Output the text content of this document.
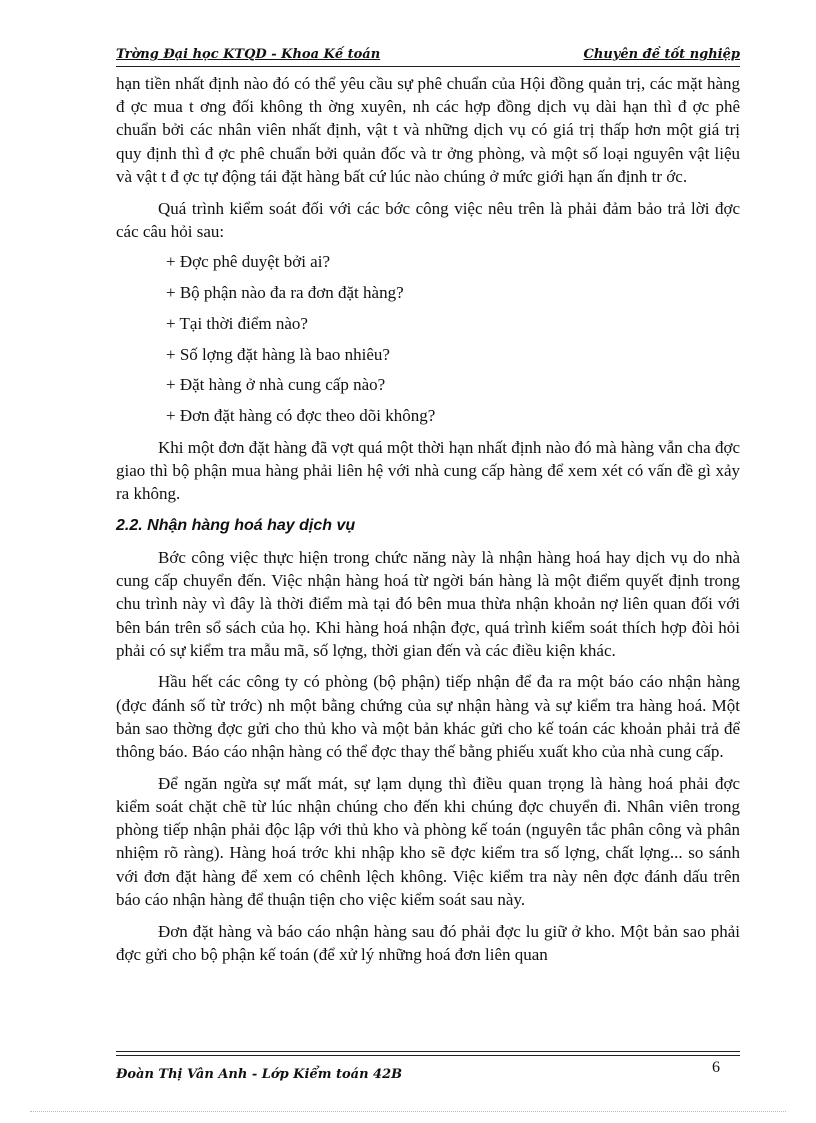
Trờng Đại học KTQD - Khoa Kế toán	Chuyên đề tốt nghiệp

hạn tiền nhất định nào đó có thể yêu cầu sự phê chuẩn của Hội đồng quản trị, các mặt hàng đ ợc mua t ơng đối không th ờng xuyên, nh các hợp đồng dịch vụ dài hạn thì đ ợc phê chuẩn bởi các nhân viên nhất định, vật t và những dịch vụ có giá trị thấp hơn một giá trị quy định thì đ ợc phê chuẩn bởi quản đốc và tr ởng phòng, và một số loại nguyên vật liệu và vật t đ ợc tự động tái đặt hàng bất cứ lúc nào chúng ở mức giới hạn ấn định tr ớc.

Quá trình kiểm soát đối với các bớc công việc nêu trên là phải đảm bảo trả lời đợc các câu hỏi sau:

+ Đợc phê duyệt bởi ai?

+ Bộ phận nào đa ra đơn đặt hàng?

+ Tại thời điểm nào?

+ Số lợng đặt hàng là bao nhiêu?

+ Đặt hàng ở nhà cung cấp nào?

+ Đơn đặt hàng có đợc theo dõi không?

Khi một đơn đặt hàng đã vợt quá một thời hạn nhất định nào đó mà hàng vẫn cha đợc giao thì bộ phận mua hàng phải liên hệ với nhà cung cấp hàng để xem xét có vấn đề gì xảy ra không.

2.2. Nhận hàng hoá hay dịch vụ

Bớc công việc thực hiện trong chức năng này là nhận hàng hoá hay dịch vụ do nhà cung cấp chuyển đến. Việc nhận hàng hoá từ ngời bán hàng là một điểm quyết định trong chu trình này vì đây là thời điểm mà tại đó bên mua thừa nhận khoản nợ liên quan đối với bên bán trên sổ sách của họ. Khi hàng hoá nhận đợc, quá trình kiểm soát thích hợp đòi hỏi phải có sự kiểm tra mẫu mã, số lợng, thời gian đến và các điều kiện khác.

Hầu hết các công ty có phòng (bộ phận) tiếp nhận để đa ra một báo cáo nhận hàng (đợc đánh số từ trớc) nh một bằng chứng của sự nhận hàng và sự kiểm tra hàng hoá. Một bản sao thờng đợc gửi cho thủ kho và một bản khác gửi cho kế toán các khoản phải trả để thông báo. Báo cáo nhận hàng có thể đợc thay thế bằng phiếu xuất kho của nhà cung cấp.

Để ngăn ngừa sự mất mát, sự lạm dụng thì điều quan trọng là hàng hoá phải đợc kiểm soát chặt chẽ từ lúc nhận chúng cho đến khi chúng đợc chuyển đi. Nhân viên trong phòng tiếp nhận phải độc lập với thủ kho và phòng kế toán (nguyên tắc phân công và phân nhiệm rõ ràng). Hàng hoá trớc khi nhập kho sẽ đợc kiểm tra số lợng, chất lợng... so sánh với đơn đặt hàng để xem có chênh lệch không. Việc kiểm tra này nên đợc đánh dấu trên báo cáo nhận hàng để thuận tiện cho việc kiểm soát sau này.

Đơn đặt hàng và báo cáo nhận hàng sau đó phải đợc lu giữ ở kho. Một bản sao phải đợc gửi cho bộ phận kế toán (để xử lý những hoá đơn liên quan

Đoàn Thị Vân Anh - Lớp Kiểm toán 42B	6
